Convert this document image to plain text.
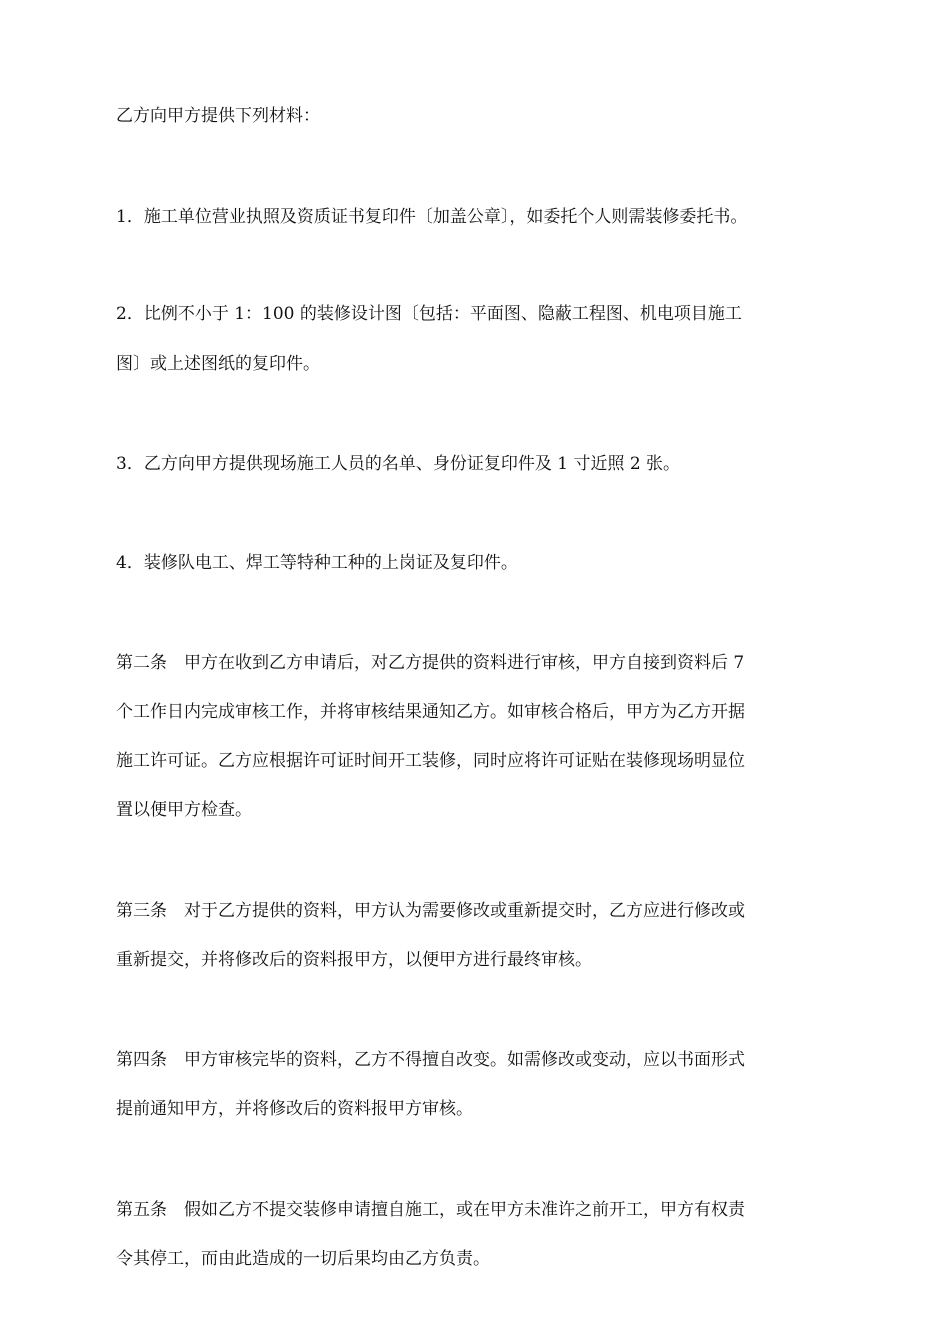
乙方向甲方提供下列材料：

1．施工单位营业执照及资质证书复印件〔加盖公章〕，如委托个人则需装修委托书。

2．比例不小于 1：100 的装修设计图〔包括：平面图、隐蔽工程图、机电项目施工

图〕或上述图纸的复印件。

3．乙方向甲方提供现场施工人员的名单、身份证复印件及 1 寸近照 2 张。

4．装修队电工、焊工等特种工种的上岗证及复印件。

第二条　甲方在收到乙方申请后，对乙方提供的资料进行审核，甲方自接到资料后 7

个工作日内完成审核工作，并将审核结果通知乙方。如审核合格后，甲方为乙方开据

施工许可证。乙方应根据许可证时间开工装修，同时应将许可证贴在装修现场明显位

置以便甲方检查。

第三条　对于乙方提供的资料，甲方认为需要修改或重新提交时，乙方应进行修改或

重新提交，并将修改后的资料报甲方，以便甲方进行最终审核。

第四条　甲方审核完毕的资料，乙方不得擅自改变。如需修改或变动，应以书面形式

提前通知甲方，并将修改后的资料报甲方审核。

第五条　假如乙方不提交装修申请擅自施工，或在甲方未准许之前开工，甲方有权责

令其停工，而由此造成的一切后果均由乙方负责。
